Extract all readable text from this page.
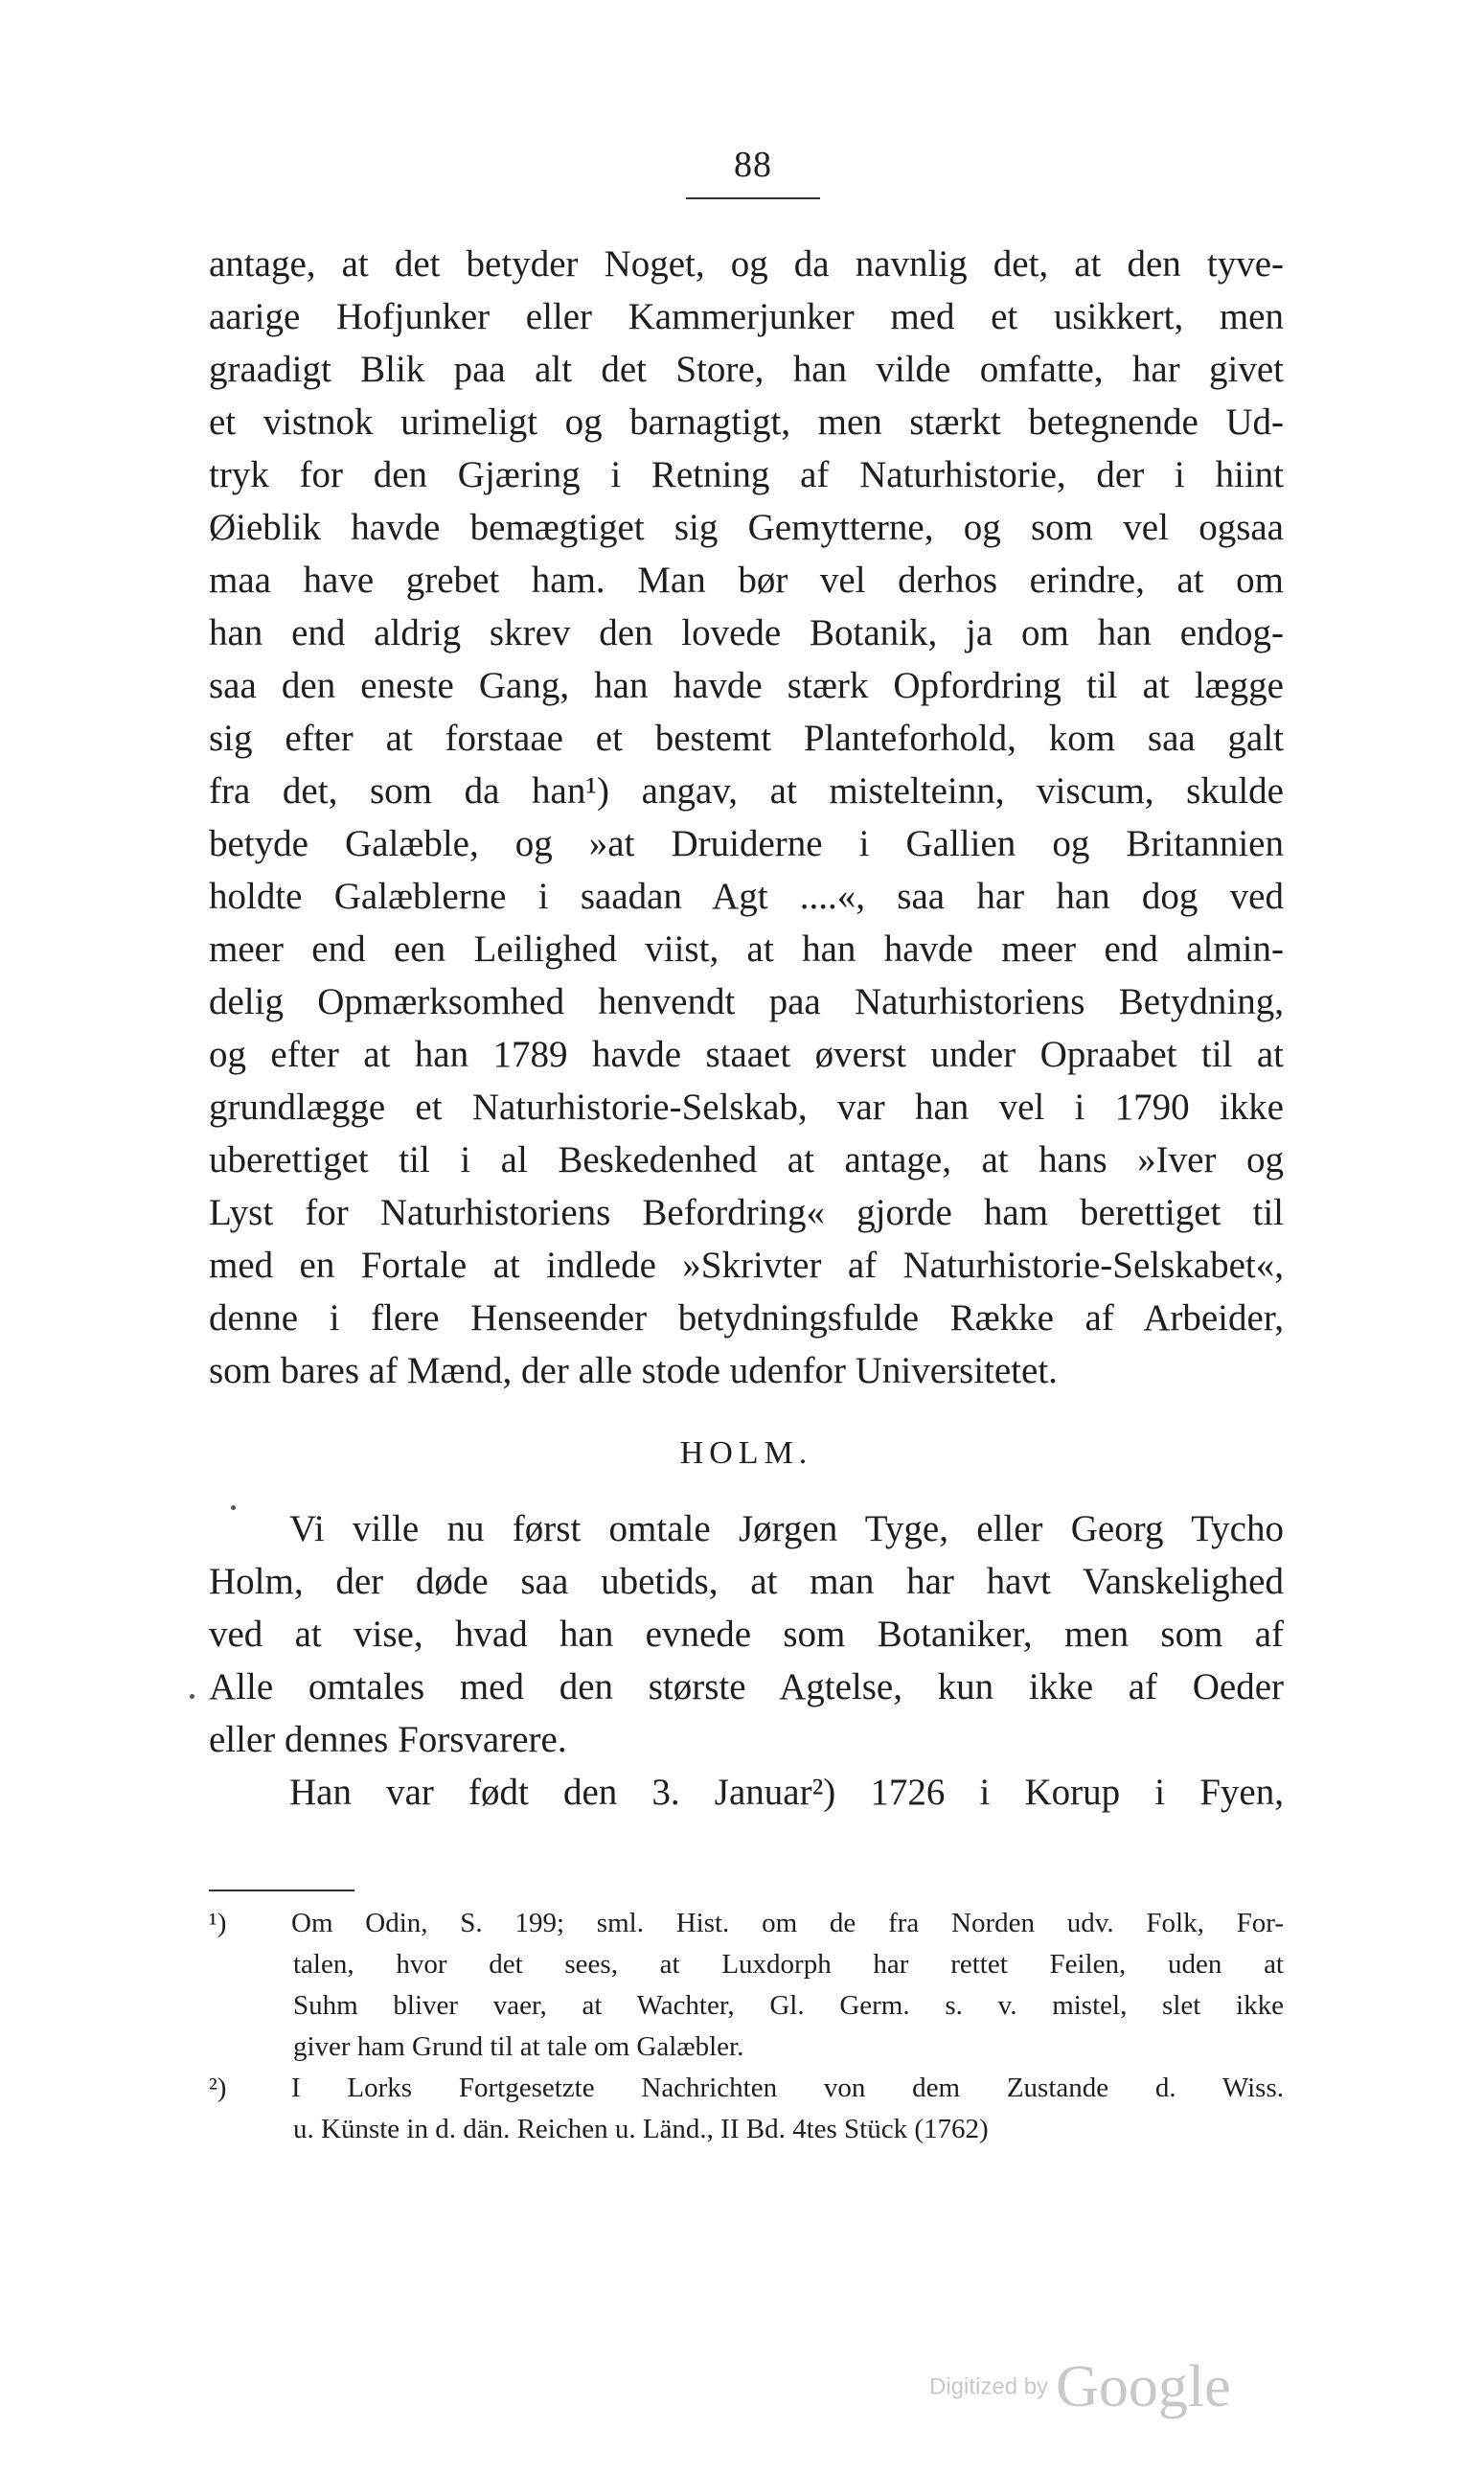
88
antage, at det betyder Noget, og da navnlig det, at den tyve-
aarige Hofjunker eller Kammerjunker med et usikkert, men
graadigt Blik paa alt det Store, han vilde omfatte, har givet
et vistnok urimeligt og barnagtigt, men stærkt betegnende Ud-
tryk for den Gjæring i Retning af Naturhistorie, der i hiint
Øieblik havde bemægtiget sig Gemytterne, og som vel ogsaa
maa have grebet ham. Man bør vel derhos erindre, at om
han end aldrig skrev den lovede Botanik, ja om han endog-
saa den eneste Gang, han havde stærk Opfordring til at lægge
sig efter at forstaae et bestemt Planteforhold, kom saa galt
fra det, som da han¹) angav, at mistelteinn, viscum, skulde
betyde Galæble, og »at Druiderne i Gallien og Britannien
holdte Galæblerne i saadan Agt ....«, saa har han dog ved
meer end een Leilighed viist, at han havde meer end almin-
delig Opmærksomhed henvendt paa Naturhistoriens Betydning,
og efter at han 1789 havde staaet øverst under Opraabet til at
grundlægge et Naturhistorie-Selskab, var han vel i 1790 ikke
uberettiget til i al Beskedenhed at antage, at hans »Iver og
Lyst for Naturhistoriens Befordring« gjorde ham berettiget til
med en Fortale at indlede »Skrivter af Naturhistorie-Selskabet«,
denne i flere Henseender betydningsfulde Række af Arbeider,
som bares af Mænd, der alle stode udenfor Universitetet.
HOLM.
Vi ville nu først omtale Jørgen Tyge, eller Georg Tycho
Holm, der døde saa ubetids, at man har havt Vanskelighed
ved at vise, hvad han evnede som Botaniker, men som af
Alle omtales med den største Agtelse, kun ikke af Oeder
eller dennes Forsvarere.
Han var født den 3. Januar²) 1726 i Korup i Fyen,
¹) Om Odin, S. 199; sml. Hist. om de fra Norden udv. Folk, For-
talen, hvor det sees, at Luxdorph har rettet Feilen, uden at
Suhm bliver vaer, at Wachter, Gl. Germ. s. v. mistel, slet ikke
giver ham Grund til at tale om Galæbler.
²) I Lorks Fortgesetzte Nachrichten von dem Zustande d. Wiss.
u. Künste in d. dän. Reichen u. Länd., II Bd. 4tes Stück (1762)
Digitized by Google
